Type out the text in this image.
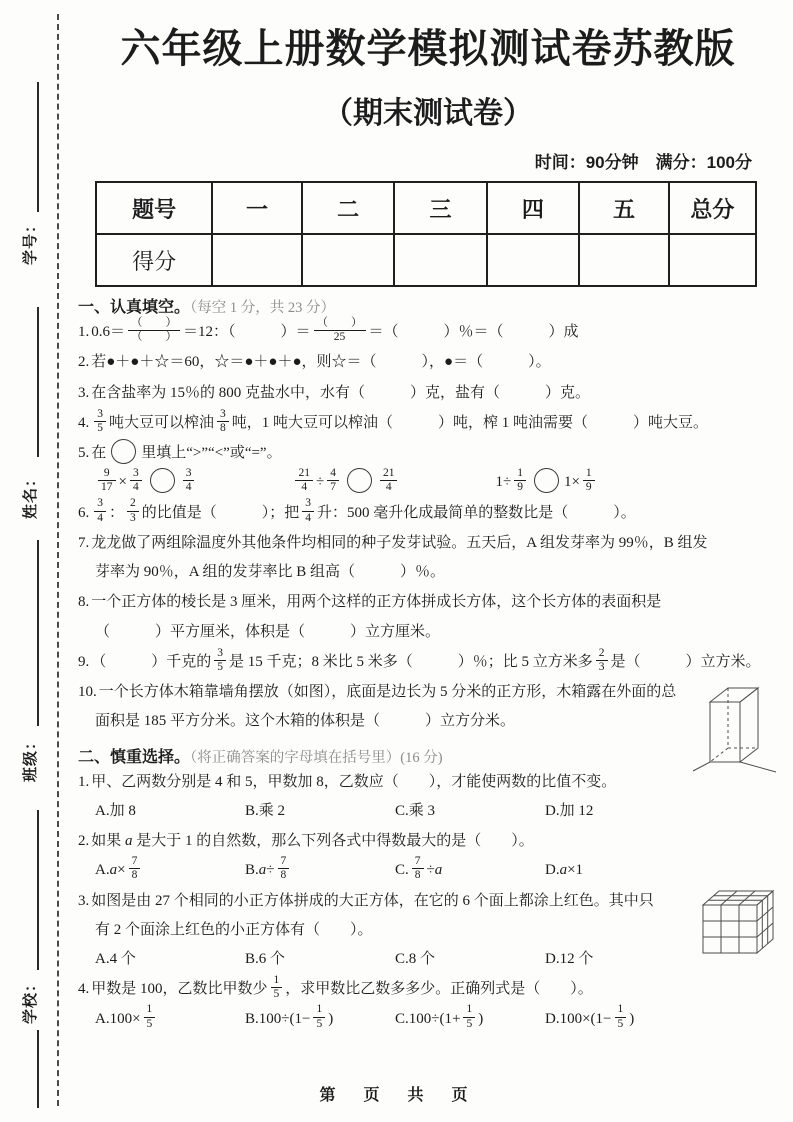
学号：
姓名：
班级：
学校：
六年级上册数学模拟测试卷苏教版
（期末测试卷）
时间：90分钟　满分：100分
题号	一	二	三	四	五	总分
得分						
一、认真填空。（每空 1 分，共 23 分）
1. $0.6= \frac{( )}{( )} =12$：（　　　）＝ $\frac{( )}{25}$ ＝（　　　）％＝（　　　）成
2. 若●＋●＋☆＝60，☆＝●＋●＋●，则☆＝（　　　），●＝（　　　）。
3. 在含盐率为 15％的 800 克盐水中，水有（　　　）克，盐有（　　　）克。
4. $\frac{3}{5}$ 吨大豆可以榨油 $\frac{3}{8}$ 吨，1 吨大豆可以榨油（　　　）吨，榨 1 吨油需要（　　　）吨大豆。
5. 在 里填上“>”“<”或“=”。

$\frac{9}{17} \times \frac{3}{4}$	$\frac{3}{4}$	$\frac{21}{4} \div \frac{4}{7}$	$\frac{21}{4}$	$1\div \frac{1}{9}$	$1\times \frac{1}{9}$
6. $\frac{3}{4}$ ： $\frac{2}{3}$ 的比值是（　　　）；把 $\frac{3}{4}$ 升：500 毫升化成最简单的整数比是（　　　）。
7. 龙龙做了两组除温度外其他条件均相同的种子发芽试验。五天后，A 组发芽率为 99％，B 组发
芽率为 90％，A 组的发芽率比 B 组高（　　　）％。
8. 一个正方体的棱长是 3 厘米，用两个这样的正方体拼成长方体，这个长方体的表面积是
（　　　）平方厘米，体积是（　　　）立方厘米。
9. （　　　）千克的 $\frac{3}{5}$ 是 15 千克；8 米比 5 米多（　　　）％；比 5 立方米多 $\frac{2}{3}$ 是（　　　）立方米。
10. 一个长方体木箱靠墙角摆放（如图），底面是边长为 5 分米的正方形，木箱露在外面的总
面积是 185 平方分米。这个木箱的体积是（　　　）立方分米。
二、慎重选择。（将正确答案的字母填在括号里）(16 分)
1. 甲、乙两数分别是 4 和 5，甲数加 8，乙数应（　　），才能使两数的比值不变。
A.加 8	B.乘 2	C.乘 3	D.加 12
2. 如果 a 是大于 1 的自然数，那么下列各式中得数最大的是（　　）。
$A.a\times \frac{7}{8}$	$B.a\div \frac{7}{8}$	C. $\frac{7}{8} \div a$	D.a×1
3. 如图是由 27 个相同的小正方体拼成的大正方体，在它的 6 个面上都涂上红色。其中只
有 2 个面涂上红色的小正方体有（　　）。
A.4 个	B.6 个	C.8 个	D.12 个
4. 甲数是 100，乙数比甲数少 $\frac{1}{5}$ ，求甲数比乙数多多少。正确列式是（　　）。
$A.100\times \frac{1}{5}$	$B.100\div(1- \frac{1}{5}$ )	$C.100\div(1+ \frac{1}{5}$ )	$D.100\times(1- \frac{1}{5}$ )
第　页　共　页
